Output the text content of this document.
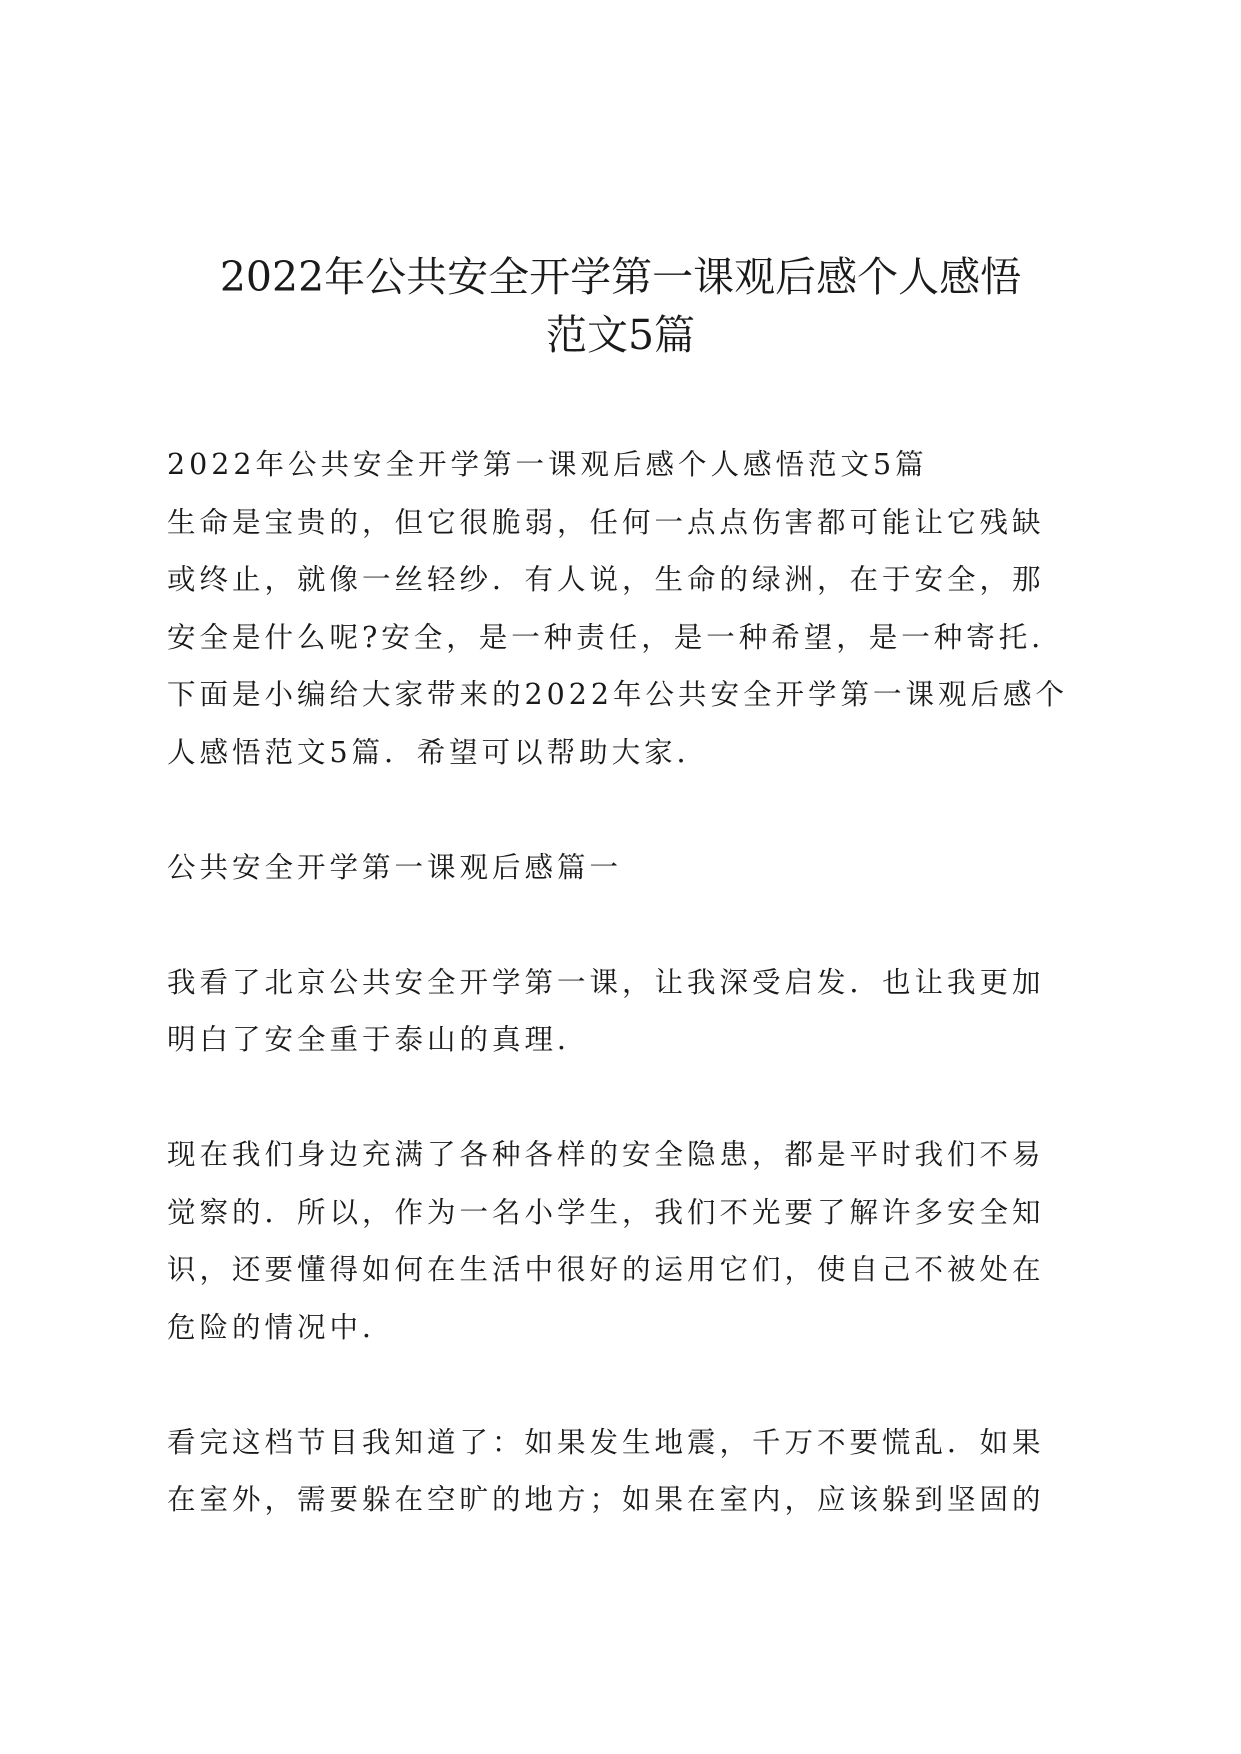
2022年公共安全开学第一课观后感个人感悟
范文5篇
2022年公共安全开学第一课观后感个人感悟范文5篇
生命是宝贵的，但它很脆弱，任何一点点伤害都可能让它残缺
或终止，就像一丝轻纱．有人说，生命的绿洲，在于安全，那
安全是什么呢?安全，是一种责任，是一种希望，是一种寄托．
下面是小编给大家带来的2022年公共安全开学第一课观后感个
人感悟范文5篇．希望可以帮助大家．
公共安全开学第一课观后感篇一
我看了北京公共安全开学第一课，让我深受启发．也让我更加
明白了安全重于泰山的真理．
现在我们身边充满了各种各样的安全隐患，都是平时我们不易
觉察的．所以，作为一名小学生，我们不光要了解许多安全知
识，还要懂得如何在生活中很好的运用它们，使自己不被处在
危险的情况中．
看完这档节目我知道了：如果发生地震，千万不要慌乱．如果
在室外，需要躲在空旷的地方；如果在室内，应该躲到坚固的
